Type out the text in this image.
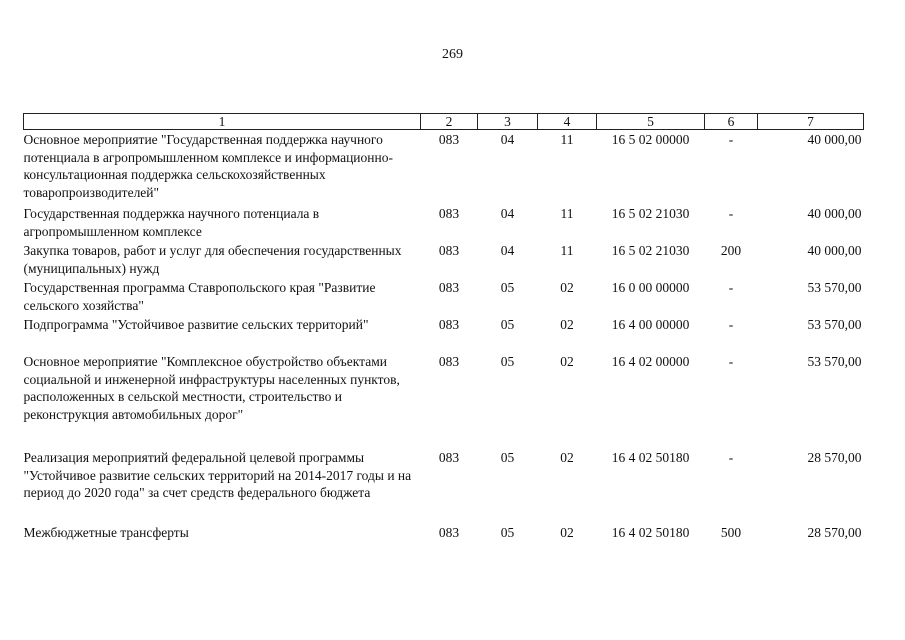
269
1	2	3	4	5	6	7
Основное мероприятие "Государственная поддержка научного потенциала в агропромышленном комплексе и информационно-консультационная поддержка сельскохозяйственных товаропроизводителей"	083	04	11	16 5 02 00000	-	40 000,00
Государственная поддержка научного потенциала в агропромышленном комплексе	083	04	11	16 5 02 21030	-	40 000,00
Закупка товаров, работ и услуг для обеспечения государственных (муниципальных) нужд	083	04	11	16 5 02 21030	200	40 000,00
Государственная программа Ставропольского края "Развитие сельского хозяйства"	083	05	02	16 0 00 00000	-	53 570,00
Подпрограмма "Устойчивое развитие сельских территорий"	083	05	02	16 4 00 00000	-	53 570,00
Основное мероприятие "Комплексное обустройство объектами социальной и инженерной инфраструктуры населенных пунктов, расположенных в сельской местности, строительство и реконструкция автомобильных дорог"	083	05	02	16 4 02 00000	-	53 570,00
Реализация мероприятий федеральной целевой программы "Устойчивое развитие сельских территорий на 2014-2017 годы и на период до 2020 года" за счет средств федерального бюджета	083	05	02	16 4 02 50180	-	28 570,00
Межбюджетные трансферты	083	05	02	16 4 02 50180	500	28 570,00
